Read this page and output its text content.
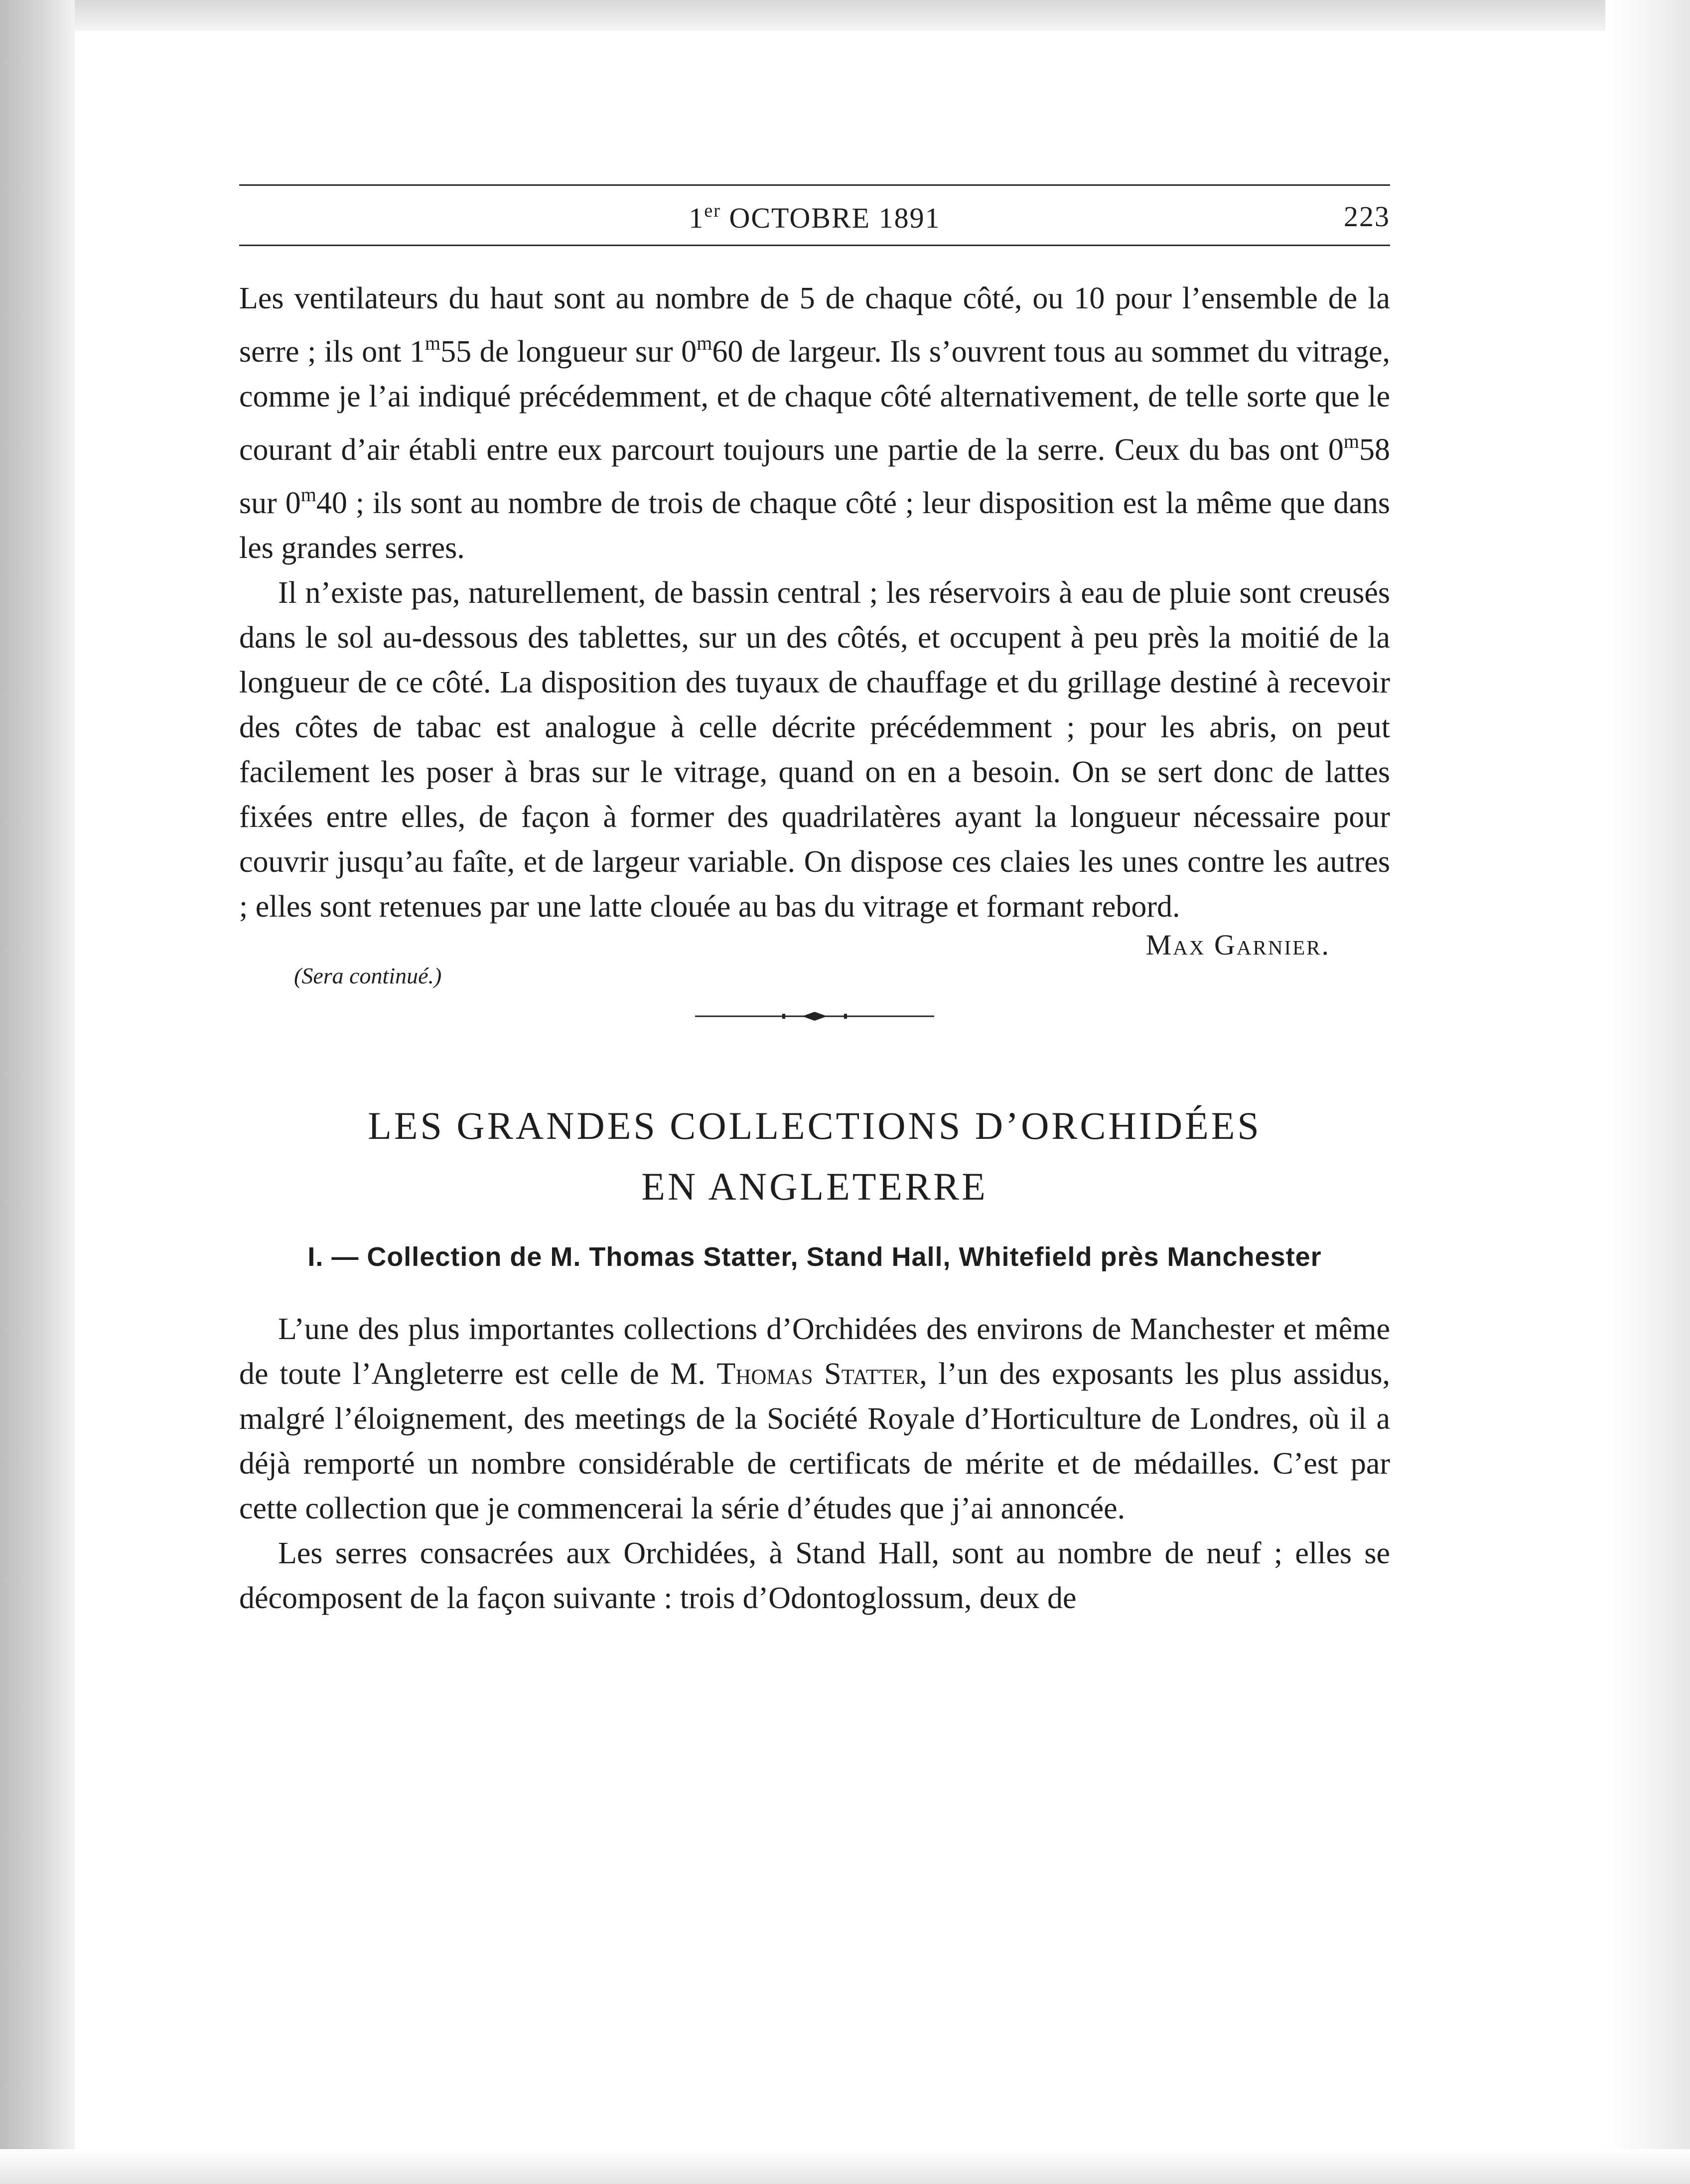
1er OCTOBRE 1891	223

Les ventilateurs du haut sont au nombre de 5 de chaque côté, ou 10 pour l’ensemble de la serre ; ils ont 1$^m$55 de longueur sur 0$^m$60 de largeur. Ils s’ouvrent tous au sommet du vitrage, comme je l’ai indiqué précédemment, et de chaque côté alternativement, de telle sorte que le courant d’air établi entre eux parcourt toujours une partie de la serre. Ceux du bas ont 0$^m$58 sur 0$^m$40 ; ils sont au nombre de trois de chaque côté ; leur disposition est la même que dans les grandes serres.

Il n’existe pas, naturellement, de bassin central ; les réservoirs à eau de pluie sont creusés dans le sol au-dessous des tablettes, sur un des côtés, et occupent à peu près la moitié de la longueur de ce côté. La disposition des tuyaux de chauffage et du grillage destiné à recevoir des côtes de tabac est analogue à celle décrite précédemment ; pour les abris, on peut facilement les poser à bras sur le vitrage, quand on en a besoin. On se sert donc de lattes fixées entre elles, de façon à former des quadrilatères ayant la longueur nécessaire pour couvrir jusqu’au faîte, et de largeur variable. On dispose ces claies les unes contre les autres ; elles sont retenues par une latte clouée au bas du vitrage et formant rebord.

Max Garnier.
(Sera continué.)
LES GRANDES COLLECTIONS D’ORCHIDÉES
EN ANGLETERRE
I. — Collection de M. Thomas Statter, Stand Hall, Whitefield près Manchester

L’une des plus importantes collections d’Orchidées des environs de Manchester et même de toute l’Angleterre est celle de M. Thomas Statter, l’un des exposants les plus assidus, malgré l’éloignement, des meetings de la Société Royale d’Horticulture de Londres, où il a déjà remporté un nombre considérable de certificats de mérite et de médailles. C’est par cette collection que je commencerai la série d’études que j’ai annoncée.

Les serres consacrées aux Orchidées, à Stand Hall, sont au nombre de neuf ; elles se décomposent de la façon suivante : trois d’Odontoglossum, deux de
